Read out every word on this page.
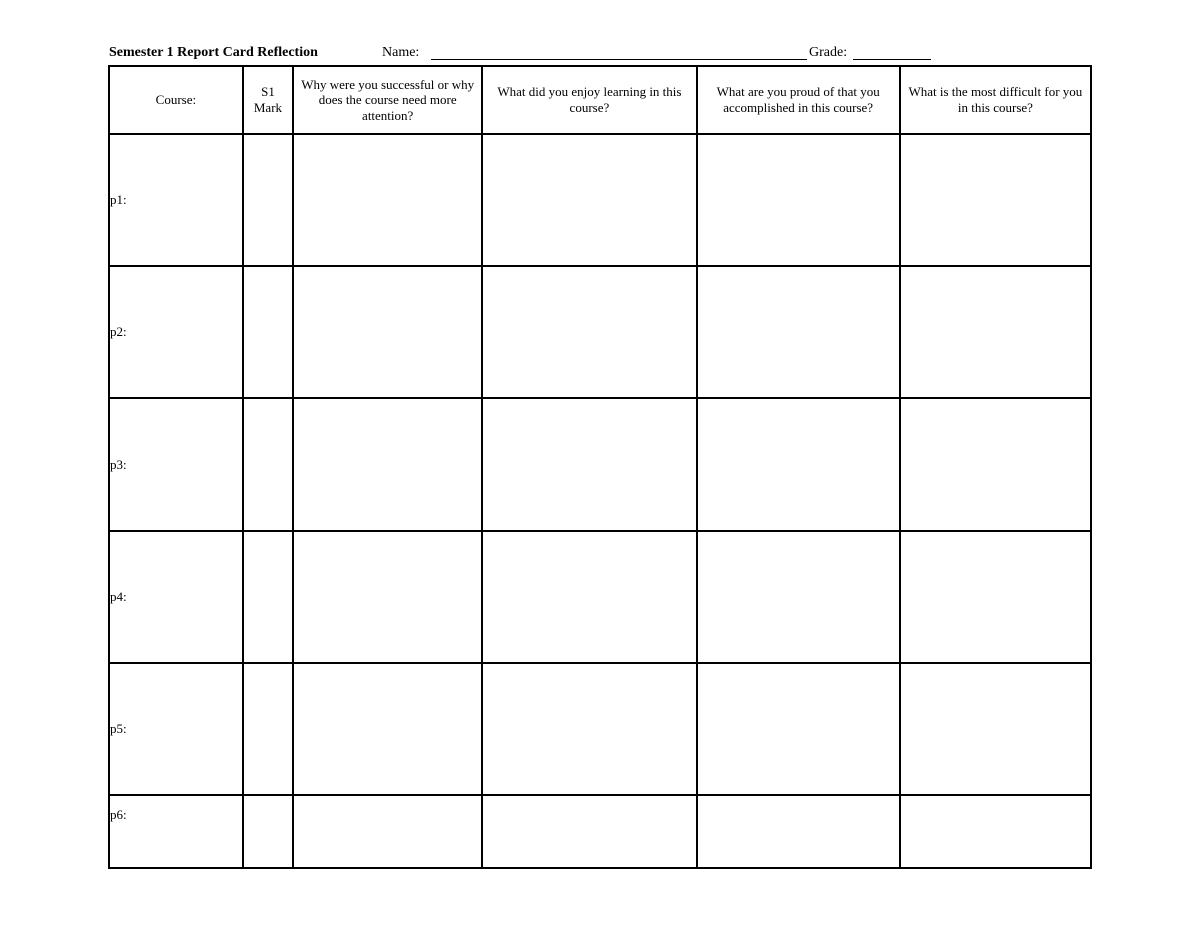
Semester 1 Report Card Reflection	Name:	Grade:
Course:	S1 Mark	Why were you successful or why does the course need more attention?	What did you enjoy learning in this course?	What are you proud of that you accomplished in this course?	What is the most difficult for you in this course?
p1:					
p2:					
p3:					
p4:					
p5:					
p6:					
